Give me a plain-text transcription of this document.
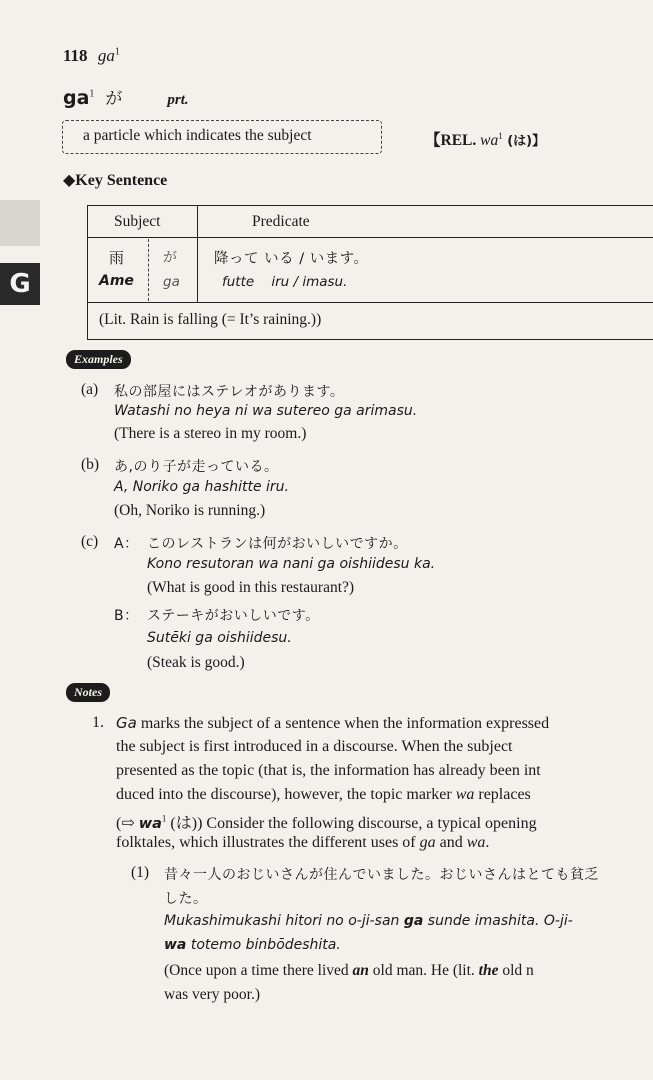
G
118 $ga^1$
$ga^1$ が	prt.
a particle which indicates the subject	【REL. $wa^1$ (は)】
◆Key Sentence
Subject	Predicate
雨	が	降って いる / います。
Ame ga	futte    iru / imasu.
(Lit. Rain is falling (= It’s raining.))
Examples
(a) 私の部屋にはステレオがあります。
Watashi no heya ni wa sutereo ga arimasu.
(There is a stereo in my room.)
(b) あ,のり子が走っている。
A, Noriko ga hashitte iru.
(Oh, Noriko is running.)
(c) A： このレストランは何がおいしいですか。
Kono resutoran wa nani ga oishiidesu ka.
(What is good in this restaurant?)
B： ステーキがおいしいです。
Sutēki ga oishiidesu.
(Steak is good.)
Notes
1. Ga marks the subject of a sentence when the information expressed
the subject is first introduced in a discourse. When the subject
presented as the topic (that is, the information has already been int
duced into the discourse), however, the topic marker wa replaces
(⇨ $wa^1$ (は)) Consider the following discourse, a typical opening
folktales, which illustrates the different uses of ga and wa.
(1) 昔々一人のおじいさんが住んでいました。おじいさんはとても貧乏
した。
Mukashimukashi hitori no o-ji-san ga sunde imashita. O-ji-
wa totemo binbōdeshita.
(Once upon a time there lived an old man. He (lit. the old n
was very poor.)
